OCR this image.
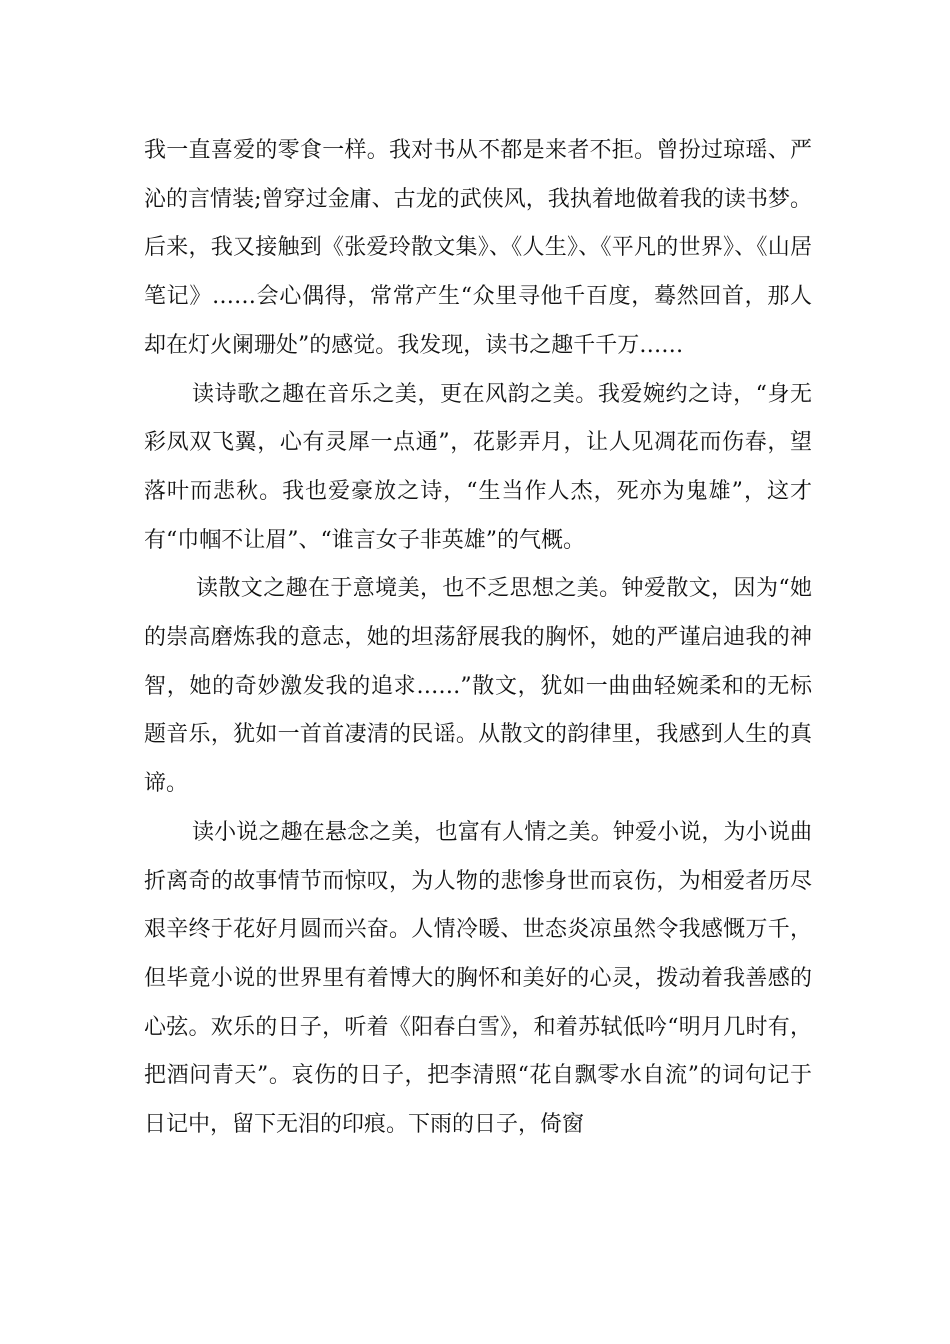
我一直喜爱的零食一样。我对书从不都是来者不拒。曾扮过琼瑶、严沁的言情装;曾穿过金庸、古龙的武侠风，我执着地做着我的读书梦。后来，我又接触到《张爱玲散文集》、《人生》、《平凡的世界》、《山居笔记》……会心偶得，常常产生“众里寻他千百度，蓦然回首，那人却在灯火阑珊处”的感觉。我发现，读书之趣千千万……

读诗歌之趣在音乐之美，更在风韵之美。我爱婉约之诗，“身无彩凤双飞翼，心有灵犀一点通”，花影弄月，让人见凋花而伤春，望落叶而悲秋。我也爱豪放之诗，“生当作人杰，死亦为鬼雄”，这才有“巾帼不让眉”、“谁言女子非英雄”的气概。

读散文之趣在于意境美，也不乏思想之美。钟爱散文，因为“她的崇高磨炼我的意志，她的坦荡舒展我的胸怀，她的严谨启迪我的神智，她的奇妙激发我的追求……”散文，犹如一曲曲轻婉柔和的无标题音乐，犹如一首首凄清的民谣。从散文的韵律里，我感到人生的真谛。

读小说之趣在悬念之美，也富有人情之美。钟爱小说，为小说曲折离奇的故事情节而惊叹，为人物的悲惨身世而哀伤，为相爱者历尽艰辛终于花好月圆而兴奋。人情冷暖、世态炎凉虽然令我感慨万千，但毕竟小说的世界里有着博大的胸怀和美好的心灵，拨动着我善感的心弦。欢乐的日子，听着《阳春白雪》，和着苏轼低吟“明月几时有，把酒问青天”。哀伤的日子，把李清照“花自飘零水自流”的词句记于日记中，留下无泪的印痕。下雨的日子，倚窗
